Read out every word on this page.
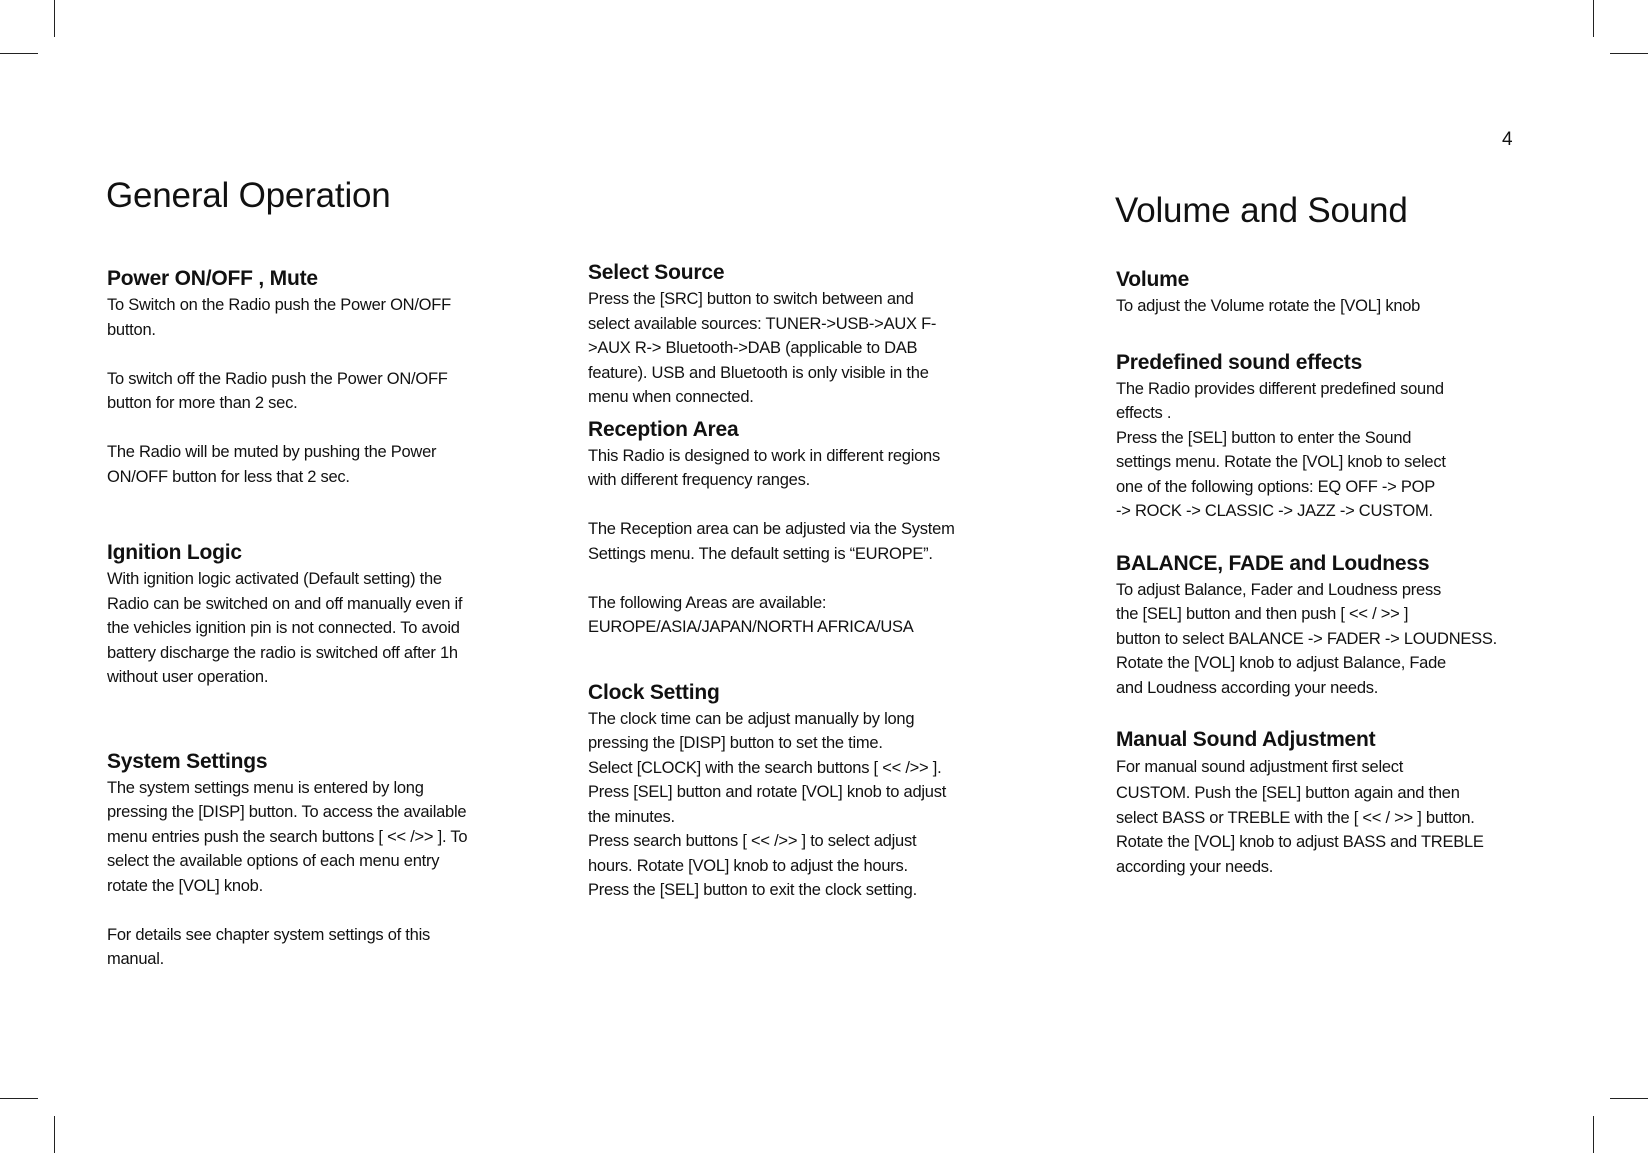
4
General Operation	Volume and Sound
Power ON/OFF , Mute

To Switch on the Radio push the Power ON/OFF

button.

To switch off the Radio push the Power ON/OFF

button for more than 2 sec.

The Radio will be muted by pushing the Power

ON/OFF button for less that 2 sec.

Ignition Logic

With ignition logic activated (Default setting) the

Radio can be switched on and off manually even if

the vehicles ignition pin is not connected. To avoid

battery discharge the radio is switched off after 1h

without user operation.

System Settings

The system settings menu is entered by long

pressing the [DISP] button. To access the available

menu entries push the search buttons [ << />> ]. To

select the available options of each menu entry

rotate the [VOL] knob.

For details see chapter system settings of this

manual.

Select Source

Press the [SRC] button to switch between and

select available sources: TUNER->USB->AUX F-

>AUX R-> Bluetooth->DAB (applicable to DAB

feature). USB and Bluetooth is only visible in the

menu when connected.

Reception Area

This Radio is designed to work in different regions

with different frequency ranges.

The Reception area can be adjusted via the System

Settings menu. The default setting is “EUROPE”.

The following Areas are available:

EUROPE/ASIA/JAPAN/NORTH AFRICA/USA

Clock Setting

The clock time can be adjust manually by long

pressing the [DISP] button to set the time.

Select [CLOCK] with the search buttons [ << />> ].

Press [SEL] button and rotate [VOL] knob to adjust

the minutes.

Press search buttons [ << />> ] to select adjust

hours. Rotate [VOL] knob to adjust the hours.

Press the [SEL] button to exit the clock setting.

Volume

To adjust the Volume rotate the [VOL] knob

Predefined sound effects

The Radio provides different predefined sound

effects .

Press the [SEL] button to enter the Sound

settings menu. Rotate the [VOL] knob to select

one of the following options: EQ OFF -> POP

-> ROCK -> CLASSIC -> JAZZ -> CUSTOM.

BALANCE, FADE and Loudness

To adjust Balance, Fader and Loudness press

the [SEL] button and then push [ << / >> ]

button to select BALANCE -> FADER -> LOUDNESS.

Rotate the [VOL] knob to adjust Balance, Fade

and Loudness according your needs.

Manual Sound Adjustment

For manual sound adjustment first select

CUSTOM. Push the [SEL] button again and then

select BASS or TREBLE with the [ << / >> ] button.

Rotate the [VOL] knob to adjust BASS and TREBLE

according your needs.
